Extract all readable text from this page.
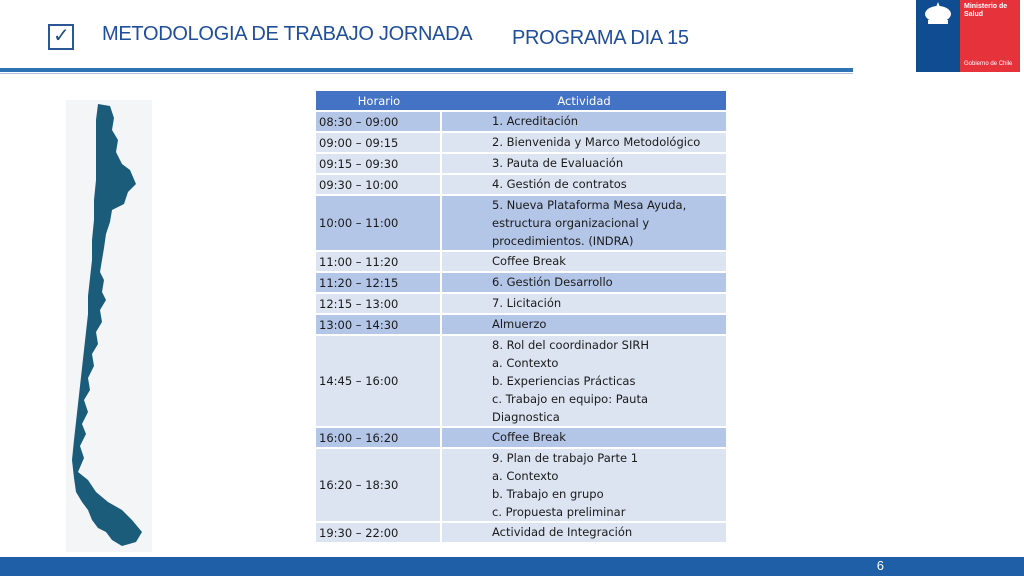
✓ METODOLOGIA DE TRABAJO JORNADA PROGRAMA DIA 15
Ministerio de Salud
Gobierno de Chile
Horario	Actividad
08:30 – 09:00	1. Acreditación

09:00 – 09:15	2. Bienvenida y Marco Metodológico

09:15 – 09:30	3. Pauta de Evaluación

09:30 – 10:00	4. Gestión de contratos

10:00 – 11:00	5. Nueva Plataforma Mesa Ayuda,
estructura organizacional y
procedimientos. (INDRA)

11:00 – 11:20	Coffee Break

11:20 – 12:15	6. Gestión Desarrollo

12:15 – 13:00	7. Licitación

13:00 – 14:30	Almuerzo

14:45 – 16:00	8. Rol del coordinador SIRH
a. Contexto
b. Experiencias Prácticas
c. Trabajo en equipo: Pauta
Diagnostica

16:00 – 16:20	Coffee Break

16:20 – 18:30	9. Plan de trabajo Parte 1
a. Contexto
b. Trabajo en grupo
c. Propuesta preliminar

19:30 – 22:00	Actividad de Integración
6
